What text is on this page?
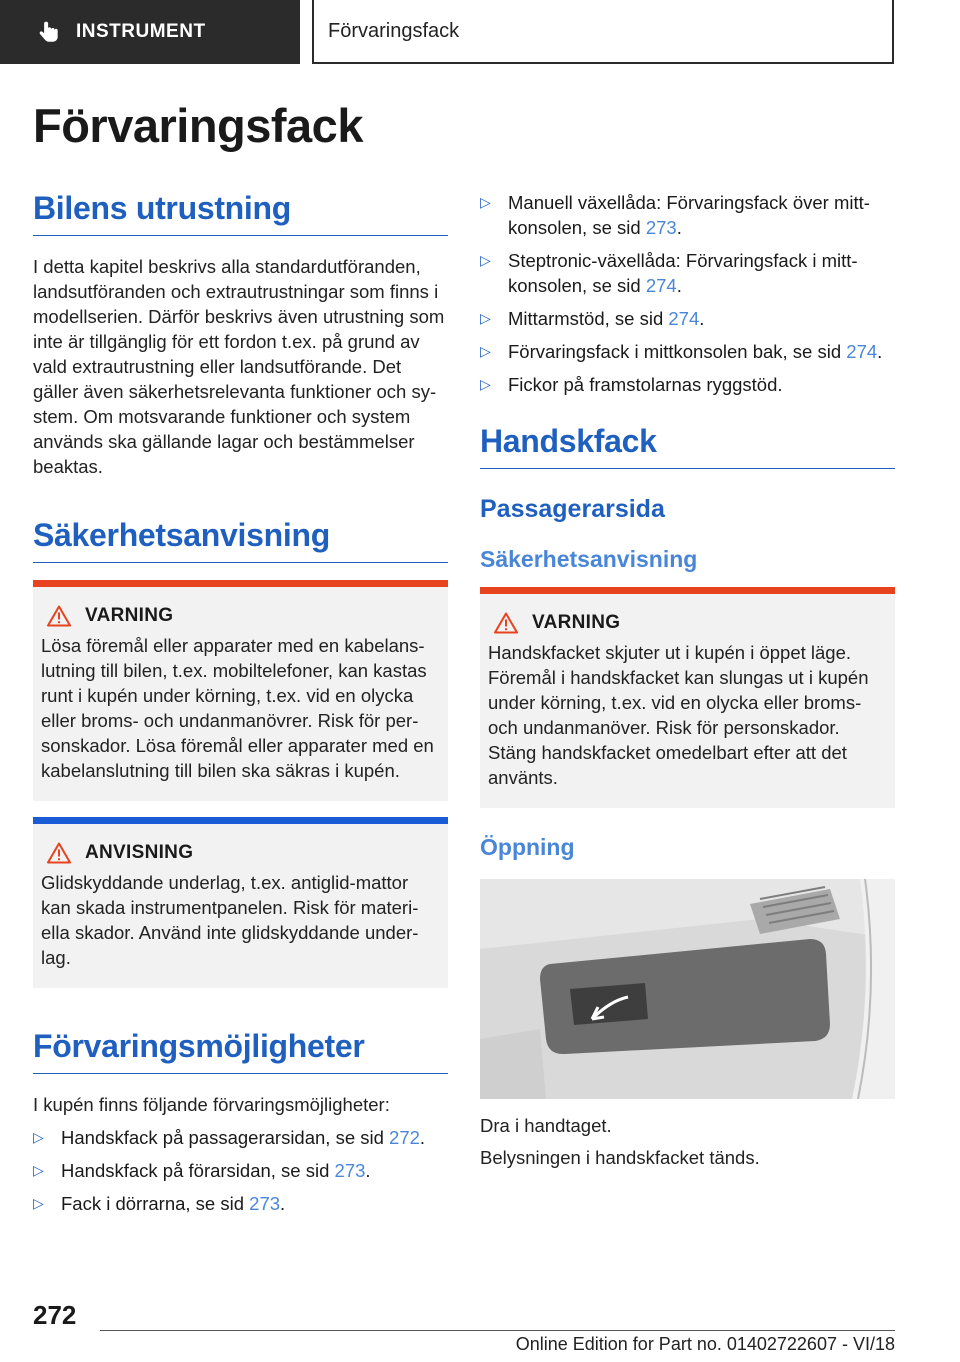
INSTRUMENT	Förvaringsfack
Förvaringsfack
Bilens utrustning

I detta kapitel beskrivs alla standardutföranden, landsutföranden och extrautrustningar som finns i modellserien. Därför beskrivs även utrustning som inte är tillgänglig för ett fordon t.ex. på grund av vald extrautrustning eller landsutförande. Det gäller även säkerhetsrelevanta funktioner och system. Om motsvarande funktioner och system används ska gällande lagar och bestämmelser beaktas.

Säkerhetsanvisning
VARNING

Lösa föremål eller apparater med en kabelanslutning till bilen, t.ex. mobiltelefoner, kan kastas runt i kupén under körning, t.ex. vid en olycka eller broms- och undanmanövrer. Risk för personskador. Lösa föremål eller apparater med en kabelanslutning till bilen ska säkras i kupén.

ANVISNING

Glidskyddande underlag, t.ex. antiglid-mattor kan skada instrumentpanelen. Risk för materiella skador. Använd inte glidskyddande underlag.

Förvaringsmöjligheter

I kupén finns följande förvaringsmöjligheter:

▷ Handskfack på passagerarsidan, se sid 272.
▷ Handskfack på förarsidan, se sid 273.
▷ Fack i dörrarna, se sid 273.
▷ Manuell växellåda: Förvaringsfack över mittkonsolen, se sid 273.
▷ Steptronic-växellåda: Förvaringsfack i mittkonsolen, se sid 274.
▷ Mittarmstöd, se sid 274.
▷ Förvaringsfack i mittkonsolen bak, se sid 274.
▷ Fickor på framstolarnas ryggstöd.
Handskfack
Passagerarsida
Säkerhetsanvisning
VARNING

Handskfacket skjuter ut i kupén i öppet läge. Föremål i handskfacket kan slungas ut i kupén under körning, t.ex. vid en olycka eller broms- och undanmanöver. Risk för personskador. Stäng handskfacket omedelbart efter att det använts.

Öppning

Dra i handtaget.

Belysningen i handskfacket tänds.

272
Online Edition for Part no. 01402722607 - VI/18
